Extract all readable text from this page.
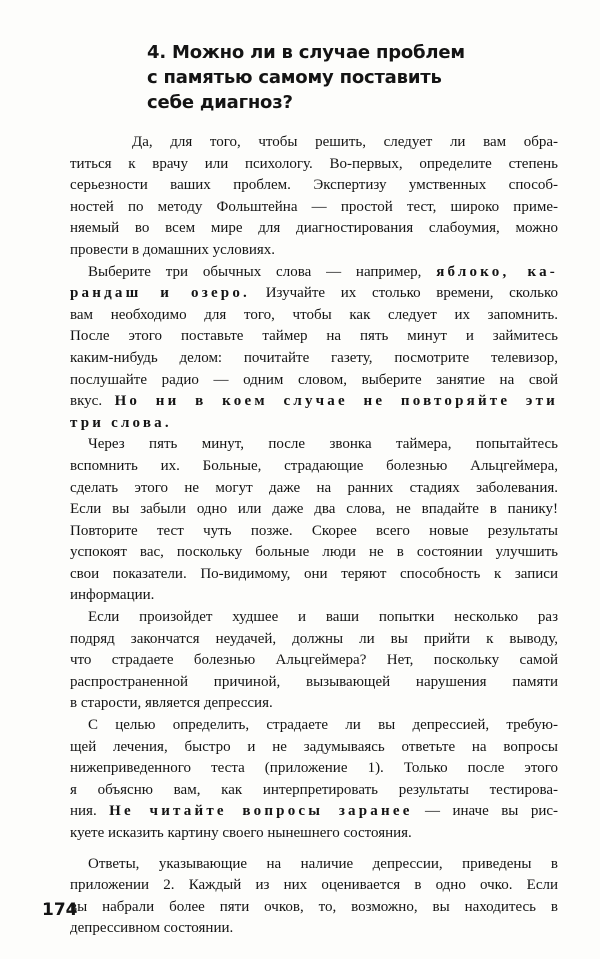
4. Можно ли в случае проблем
с памятью самому поставить
себе диагноз?

Да, для того, чтобы решить, следует ли вам обра-
титься к врачу или психологу. Во-первых, определите степень
серьезности ваших проблем. Экспертизу умственных способ-
ностей по методу Фольштейна — простой тест, широко приме-
няемый во всем мире для диагностирования слабоумия, можно
провести в домашних условиях.

Выберите три обычных слова — например, яблоко, ка-
рандаш и озеро. Изучайте их столько времени, сколько
вам необходимо для того, чтобы как следует их запомнить.
После этого поставьте таймер на пять минут и займитесь
каким-нибудь делом: почитайте газету, посмотрите телевизор,
послушайте радио — одним словом, выберите занятие на свой
вкус. Но ни в коем случае не повторяйте эти
три слова.

Через пять минут, после звонка таймера, попытайтесь
вспомнить их. Больные, страдающие болезнью Альцгеймера,
сделать этого не могут даже на ранних стадиях заболевания.
Если вы забыли одно или даже два слова, не впадайте в панику!
Повторите тест чуть позже. Скорее всего новые результаты
успокоят вас, поскольку больные люди не в состоянии улучшить
свои показатели. По-видимому, они теряют способность к записи
информации.

Если произойдет худшее и ваши попытки несколько раз
подряд закончатся неудачей, должны ли вы прийти к выводу,
что страдаете болезнью Альцгеймера? Нет, поскольку самой
распространенной причиной, вызывающей нарушения памяти
в старости, является депрессия.

С целью определить, страдаете ли вы депрессией, требую-
щей лечения, быстро и не задумываясь ответьте на вопросы
нижеприведенного теста (приложение 1). Только после этого
я объясню вам, как интерпретировать результаты тестирова-
ния. Не читайте вопросы заранее — иначе вы рис-
куете исказить картину своего нынешнего состояния.

Ответы, указывающие на наличие депрессии, приведены в
приложении 2. Каждый из них оценивается в одно очко. Если
вы набрали более пяти очков, то, возможно, вы находитесь в
депрессивном состоянии.

174
